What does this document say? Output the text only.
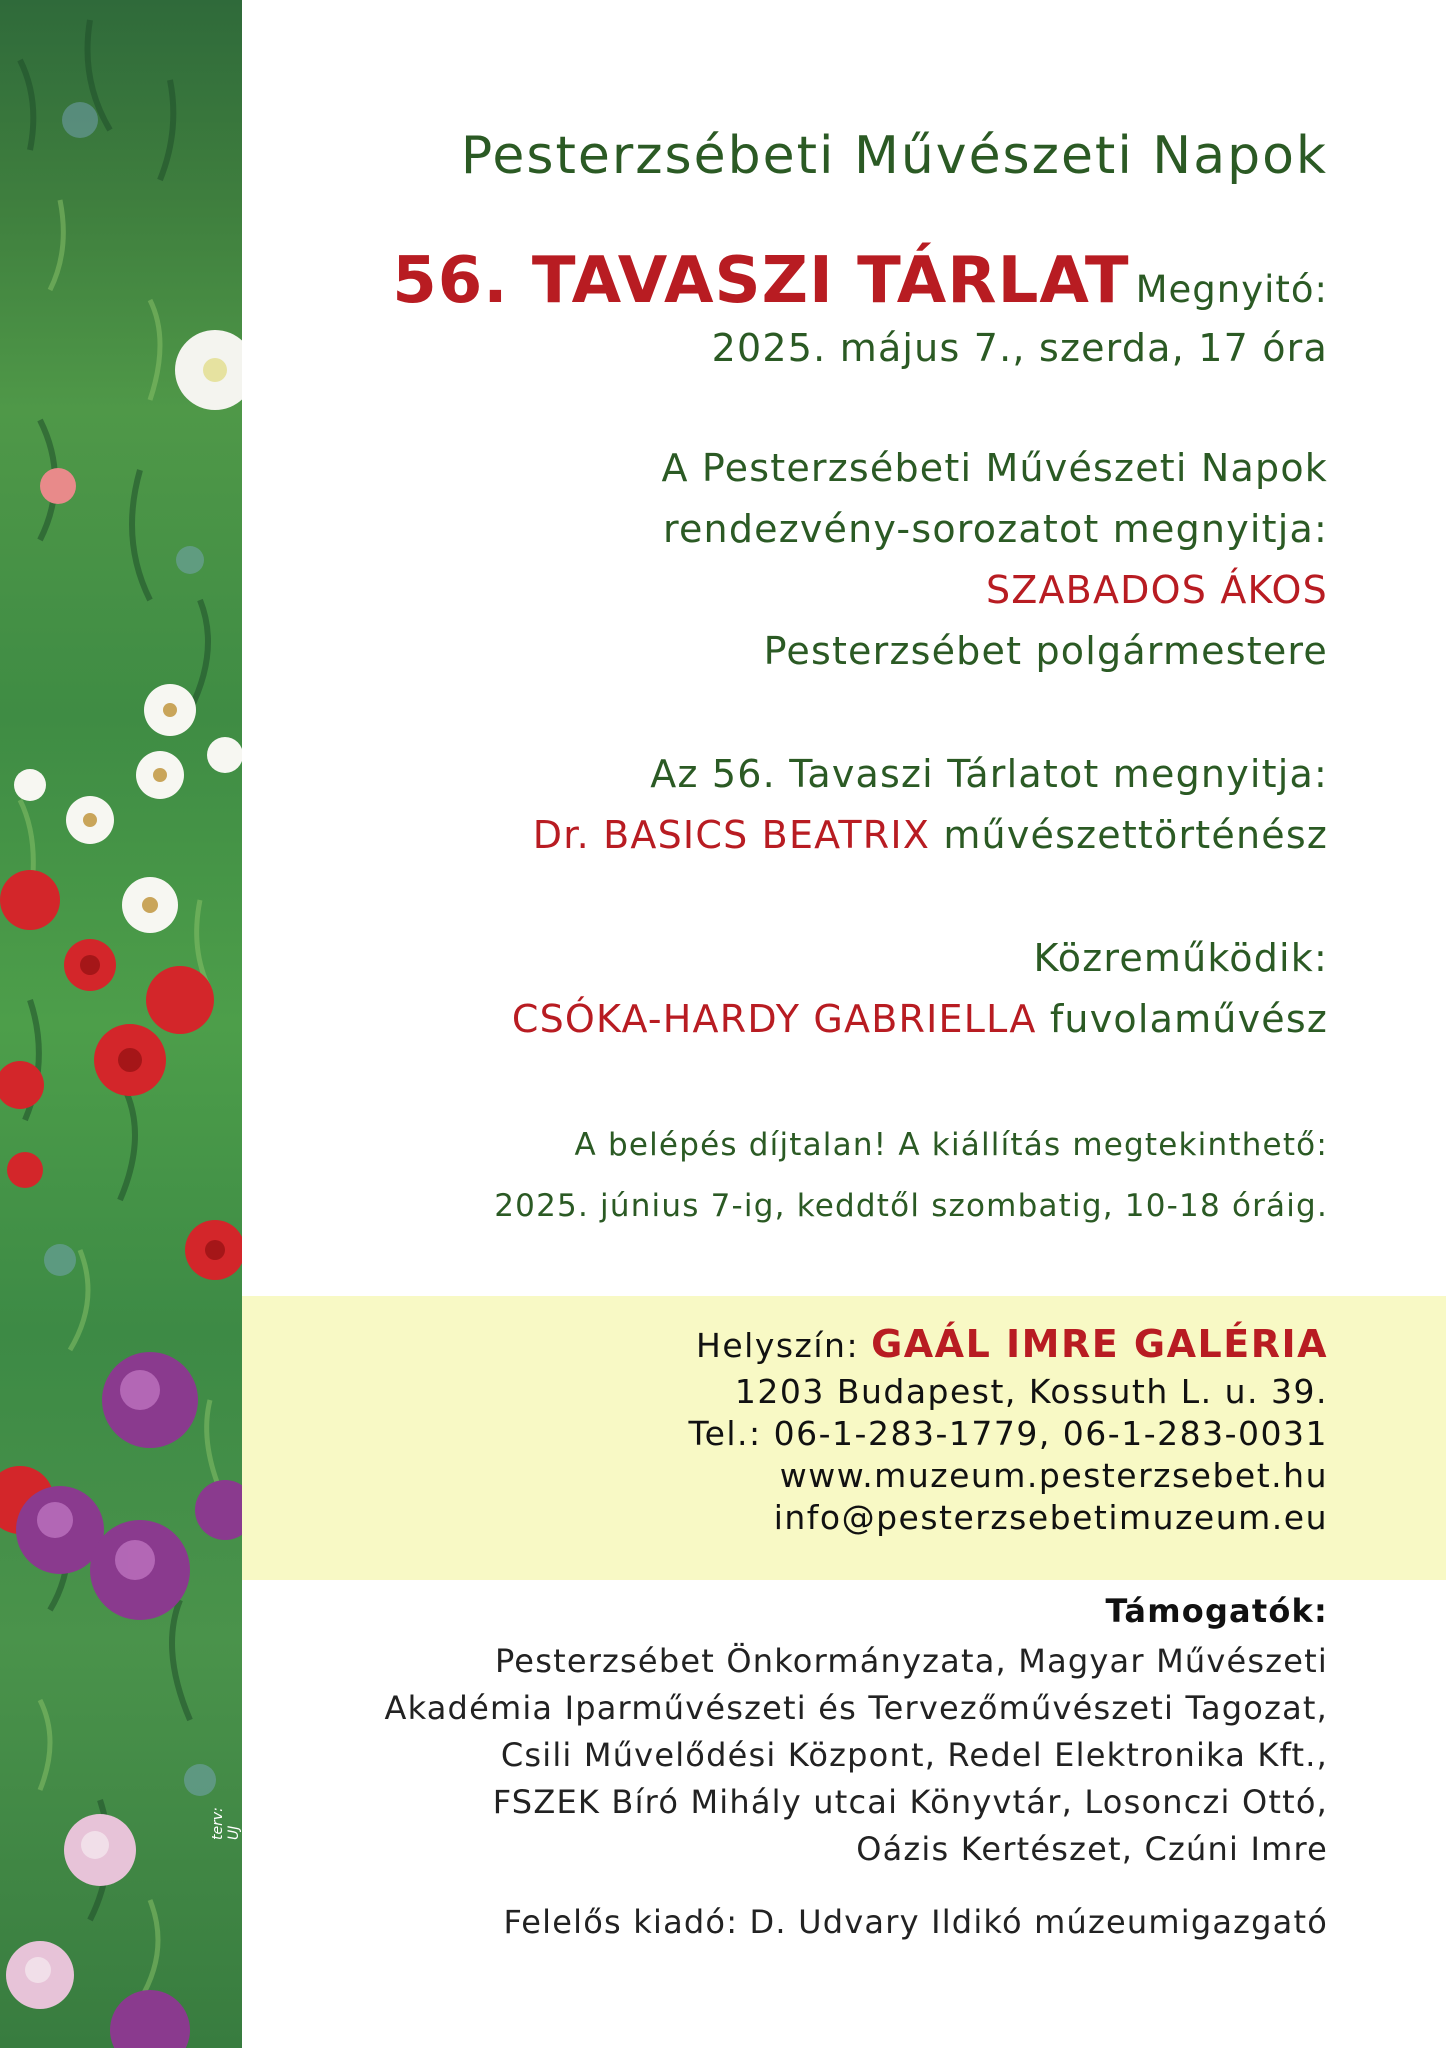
terv: UJ
Pesterzsébeti Művészeti Napok
56. TAVASZI TÁRLAT Megnyitó:
2025. május 7., szerda, 17 óra
A Pesterzsébeti Művészeti Napok
rendezvény-sorozatot megnyitja:
SZABADOS ÁKOS
Pesterzsébet polgármestere
Az 56. Tavaszi Tárlatot megnyitja:
Dr. BASICS BEATRIX művészettörténész
Közreműködik:
CSÓKA-HARDY GABRIELLA fuvolaművész
A belépés díjtalan! A kiállítás megtekinthető:
2025. június 7-ig, keddtől szombatig, 10-18 óráig.
Helyszín: GAÁL IMRE GALÉRIA
1203 Budapest, Kossuth L. u. 39.
Tel.: 06-1-283-1779, 06-1-283-0031
www.muzeum.pesterzsebet.hu
info@pesterzsebetimuzeum.eu
Támogatók:
Pesterzsébet Önkormányzata, Magyar Művészeti
Akadémia Iparművészeti és Tervezőművészeti Tagozat,
Csili Művelődési Központ, Redel Elektronika Kft.,
FSZEK Bíró Mihály utcai Könyvtár, Losonczi Ottó,
Oázis Kertészet, Czúni Imre
Felelős kiadó: D. Udvary Ildikó múzeumigazgató
